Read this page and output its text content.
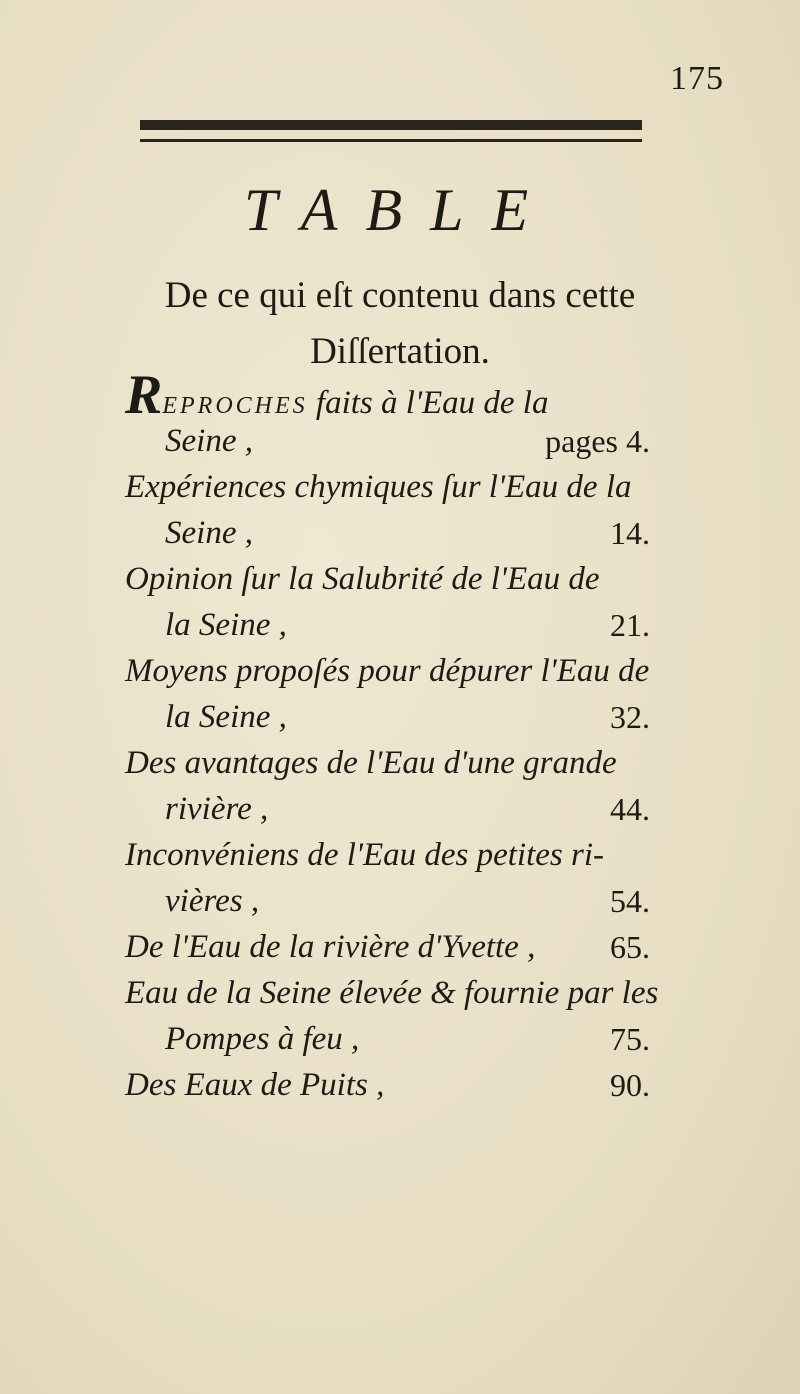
175
TABLE
De ce qui eſt contenu dans cette
Diſſertation.
REPROCHES faits à l'Eau de la
Seine ,	pages 4.
Expériences chymiques ſur l'Eau de la
Seine ,	14.
Opinion ſur la Salubrité de l'Eau de
la Seine ,	21.
Moyens propoſés pour dépurer l'Eau de
la Seine ,	32.
Des avantages de l'Eau d'une grande
rivière ,	44.
Inconvéniens de l'Eau des petites ri-
vières ,	54.
De l'Eau de la rivière d'Yvette , 65.
Eau de la Seine élevée & fournie par les
Pompes à feu ,	75.
Des Eaux de Puits ,	90.
